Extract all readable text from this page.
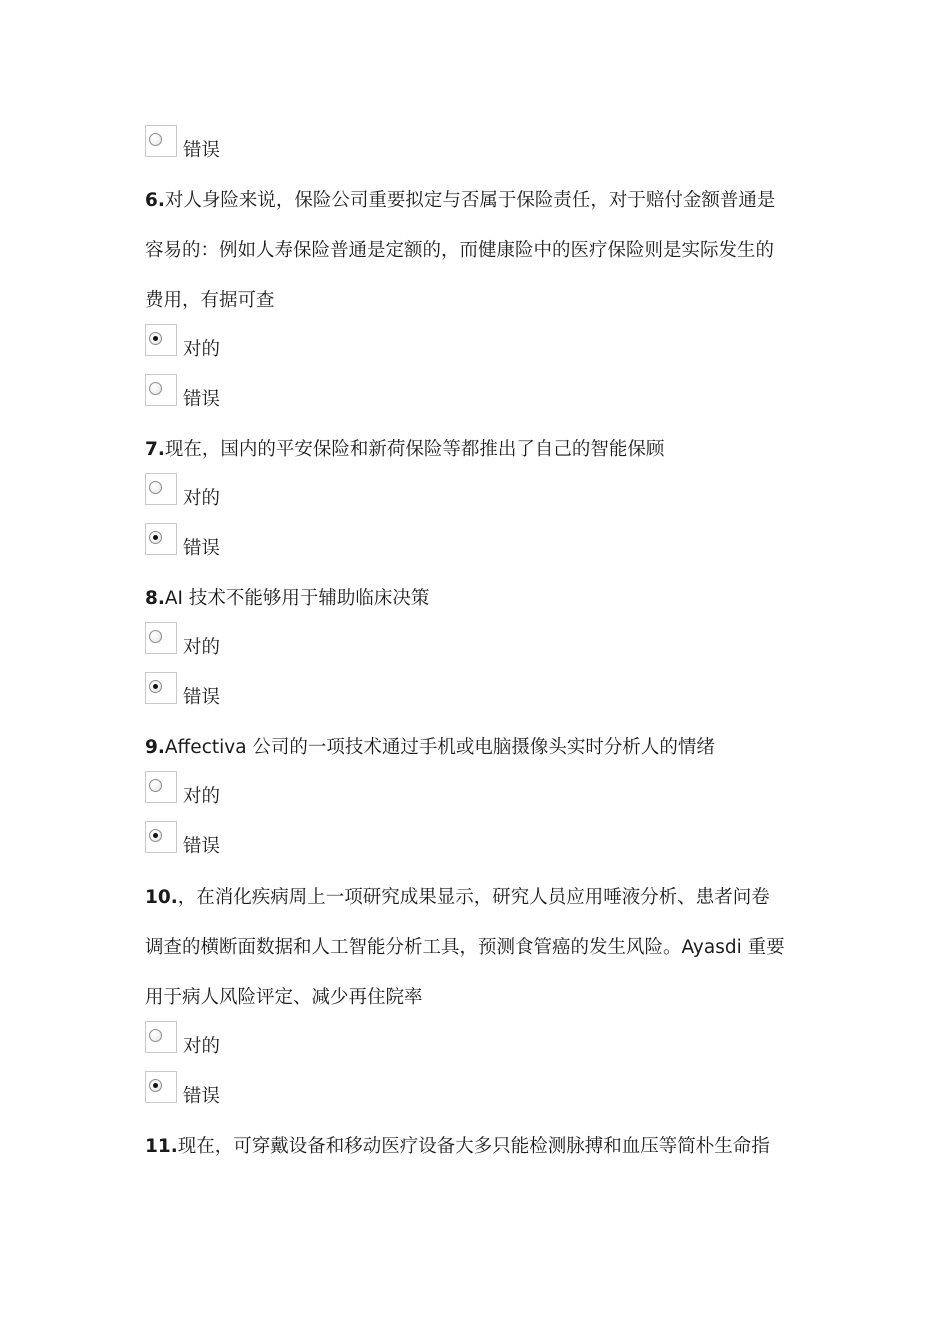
错误
6.对人身险来说，保险公司重要拟定与否属于保险责任，对于赔付金额普通是
容易的：例如人寿保险普通是定额的，而健康险中的医疗保险则是实际发生的
费用，有据可查
对的
错误
7.现在，国内的平安保险和新荷保险等都推出了自己的智能保顾
对的
错误
8.AI 技术不能够用于辅助临床决策
对的
错误
9.Affectiva 公司的一项技术通过手机或电脑摄像头实时分析人的情绪
对的
错误
10.，在消化疾病周上一项研究成果显示，研究人员应用唾液分析、患者问卷
调查的横断面数据和人工智能分析工具，预测食管癌的发生风险。Ayasdi 重要
用于病人风险评定、减少再住院率
对的
错误
11.现在，可穿戴设备和移动医疗设备大多只能检测脉搏和血压等简朴生命指
